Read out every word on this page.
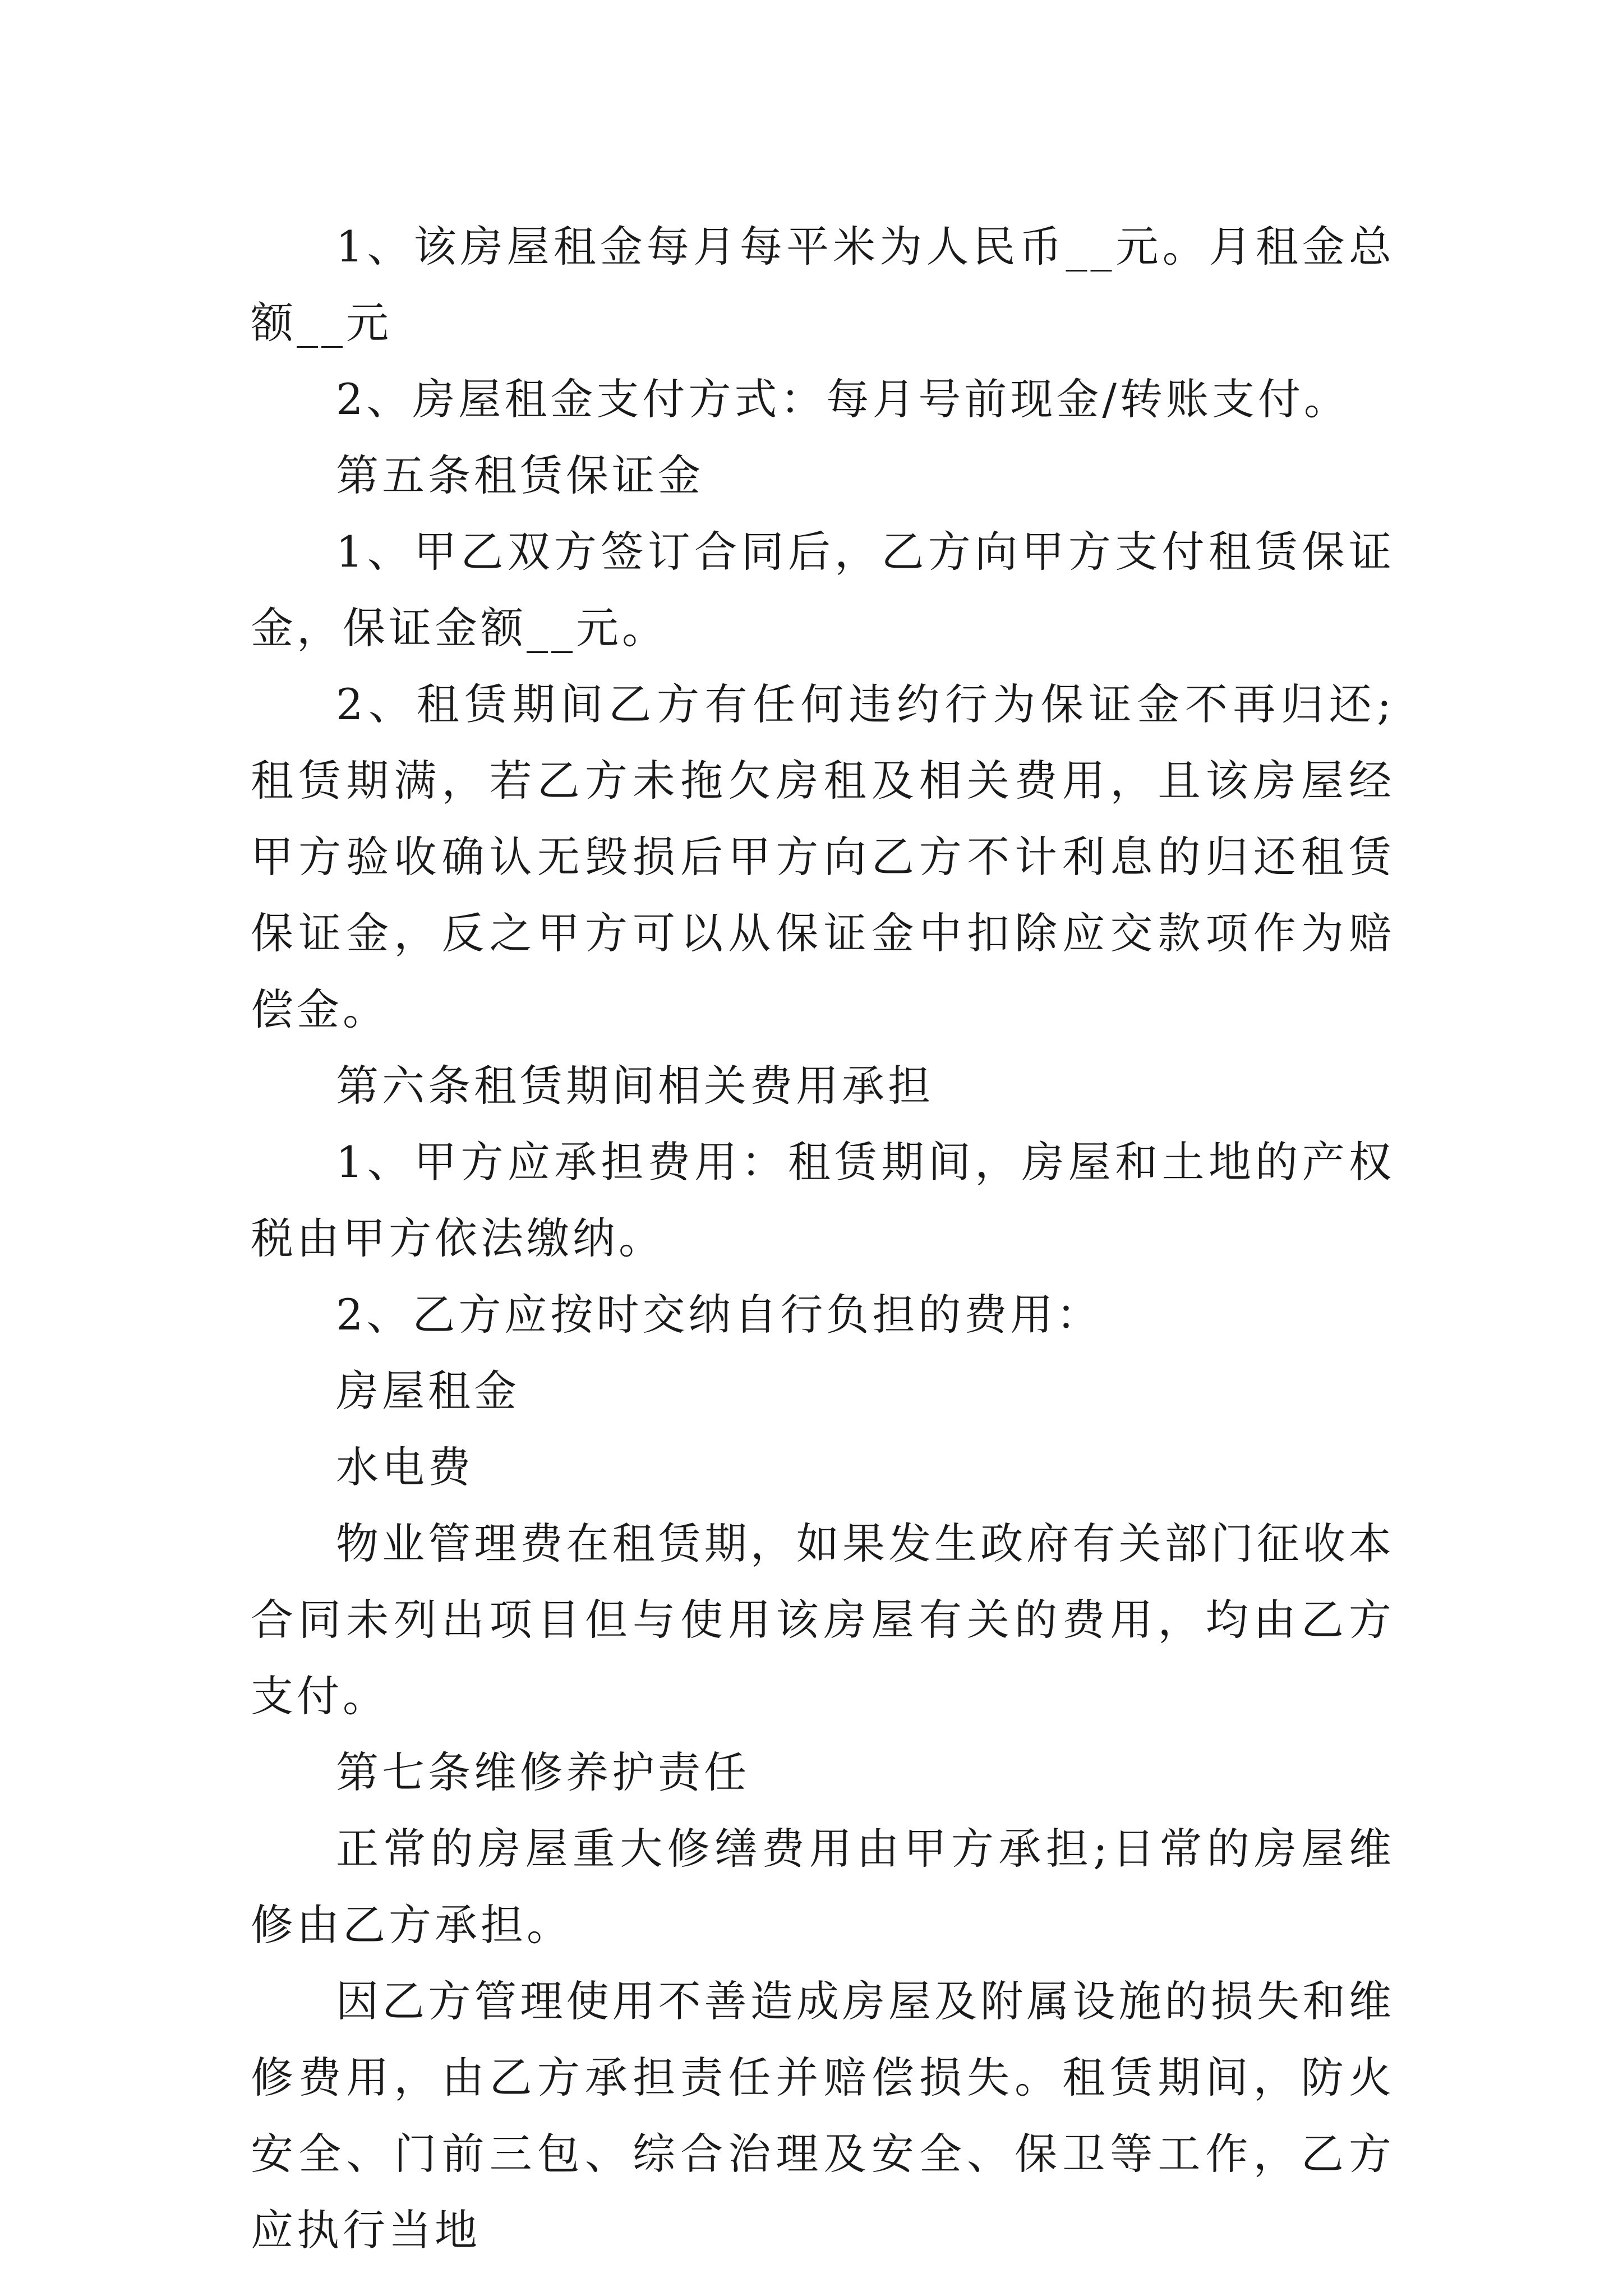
1、该房屋租金每月每平米为人民币__元。月租金总额__元

2、房屋租金支付方式：每月号前现金/转账支付。

第五条租赁保证金

1、甲乙双方签订合同后，乙方向甲方支付租赁保证金，保证金额__元。

2、租赁期间乙方有任何违约行为保证金不再归还;租赁期满，若乙方未拖欠房租及相关费用，且该房屋经甲方验收确认无毁损后甲方向乙方不计利息的归还租赁保证金，反之甲方可以从保证金中扣除应交款项作为赔偿金。

第六条租赁期间相关费用承担

1、甲方应承担费用：租赁期间，房屋和土地的产权税由甲方依法缴纳。

2、乙方应按时交纳自行负担的费用：

房屋租金

水电费

物业管理费在租赁期，如果发生政府有关部门征收本合同未列出项目但与使用该房屋有关的费用，均由乙方支付。

第七条维修养护责任

正常的房屋重大修缮费用由甲方承担;日常的房屋维修由乙方承担。

因乙方管理使用不善造成房屋及附属设施的损失和维修费用，由乙方承担责任并赔偿损失。租赁期间，防火安全、门前三包、综合治理及安全、保卫等工作，乙方应执行当地
